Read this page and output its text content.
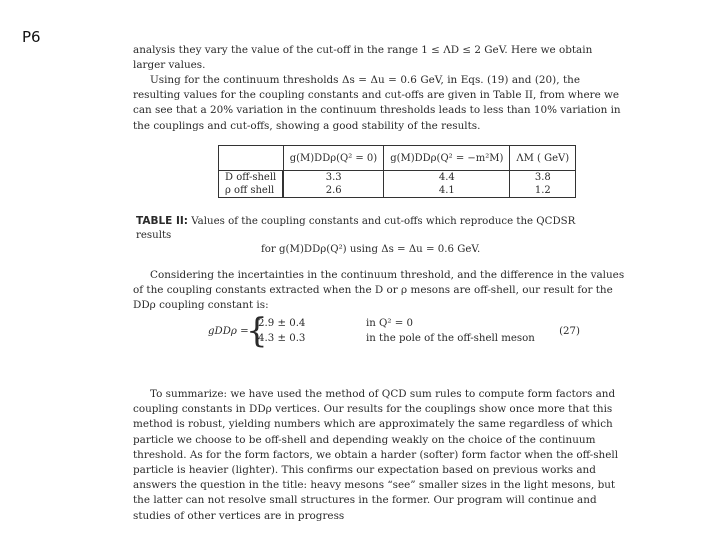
P6
analysis they vary the value of the cut-off in the range 1 ≤ ΛD ≤ 2 GeV. Here we obtain
larger values.
Using for the continuum thresholds Δs = Δu = 0.6 GeV, in Eqs. (19) and (20), the
resulting values for the coupling constants and cut-offs are given in Table II, from where we
can see that a 20% variation in the continuum thresholds leads to less than 10% variation in
the couplings and cut-offs, showing a good stability of the results.
	g(M)DDρ(Q² = 0)	g(M)DDρ(Q² = −m²M)	ΛM ( GeV)
D off-shell	3.3	4.4	3.8
ρ off shell	2.6	4.1	1.2
TABLE II: Values of the coupling constants and cut-offs which reproduce the QCDSR results
for g(M)DDρ(Q²) using Δs = Δu = 0.6 GeV.
Considering the incertainties in the continuum threshold, and the difference in the values
of the coupling constants extracted when the D or ρ mesons are off-shell, our result for the
DDρ coupling constant is:
gDDρ =
{
2.9 ± 0.4	in Q² = 0
4.3 ± 0.3	in the pole of the off-shell meson
(27)
To summarize: we have used the method of QCD sum rules to compute form factors and
coupling constants in DDρ vertices. Our results for the couplings show once more that this
method is robust, yielding numbers which are approximately the same regardless of which
particle we choose to be off-shell and depending weakly on the choice of the continuum
threshold. As for the form factors, we obtain a harder (softer) form factor when the off-shell
particle is heavier (lighter). This confirms our expectation based on previous works and
answers the question in the title: heavy mesons “see” smaller sizes in the light mesons, but
the latter can not resolve small structures in the former. Our program will continue and
studies of other vertices are in progress
